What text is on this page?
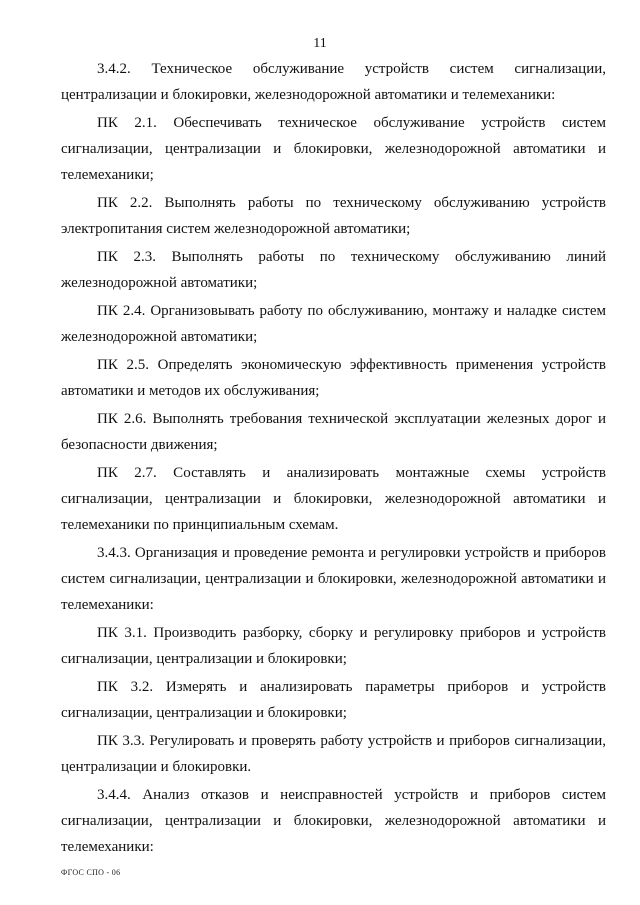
11

3.4.2. Техническое обслуживание устройств систем сигнализации, централизации и блокировки, железнодорожной автоматики и телемеханики:

ПК 2.1. Обеспечивать техническое обслуживание устройств систем сигнализации, централизации и блокировки, железнодорожной автоматики и телемеханики;

ПК 2.2. Выполнять работы по техническому обслуживанию устройств электропитания систем железнодорожной автоматики;

ПК 2.3. Выполнять работы по техническому обслуживанию линий железнодорожной автоматики;

ПК 2.4. Организовывать работу по обслуживанию, монтажу и наладке систем железнодорожной автоматики;

ПК 2.5. Определять экономическую эффективность применения устройств автоматики и методов их обслуживания;

ПК 2.6. Выполнять требования технической эксплуатации железных дорог и безопасности движения;

ПК 2.7. Составлять и анализировать монтажные схемы устройств сигнализации, централизации и блокировки, железнодорожной автоматики и телемеханики по принципиальным схемам.

3.4.3. Организация и проведение ремонта и регулировки устройств и приборов систем сигнализации, централизации и блокировки, железнодорожной автоматики и телемеханики:

ПК 3.1. Производить разборку, сборку и регулировку приборов и устройств сигнализации, централизации и блокировки;

ПК 3.2. Измерять и анализировать параметры приборов и устройств сигнализации, централизации и блокировки;

ПК 3.3. Регулировать и проверять работу устройств и приборов сигнализации, централизации и блокировки.

3.4.4. Анализ отказов и неисправностей устройств и приборов систем сигнализации, централизации и блокировки, железнодорожной автоматики и телемеханики:

ФГОС СПО - 06
